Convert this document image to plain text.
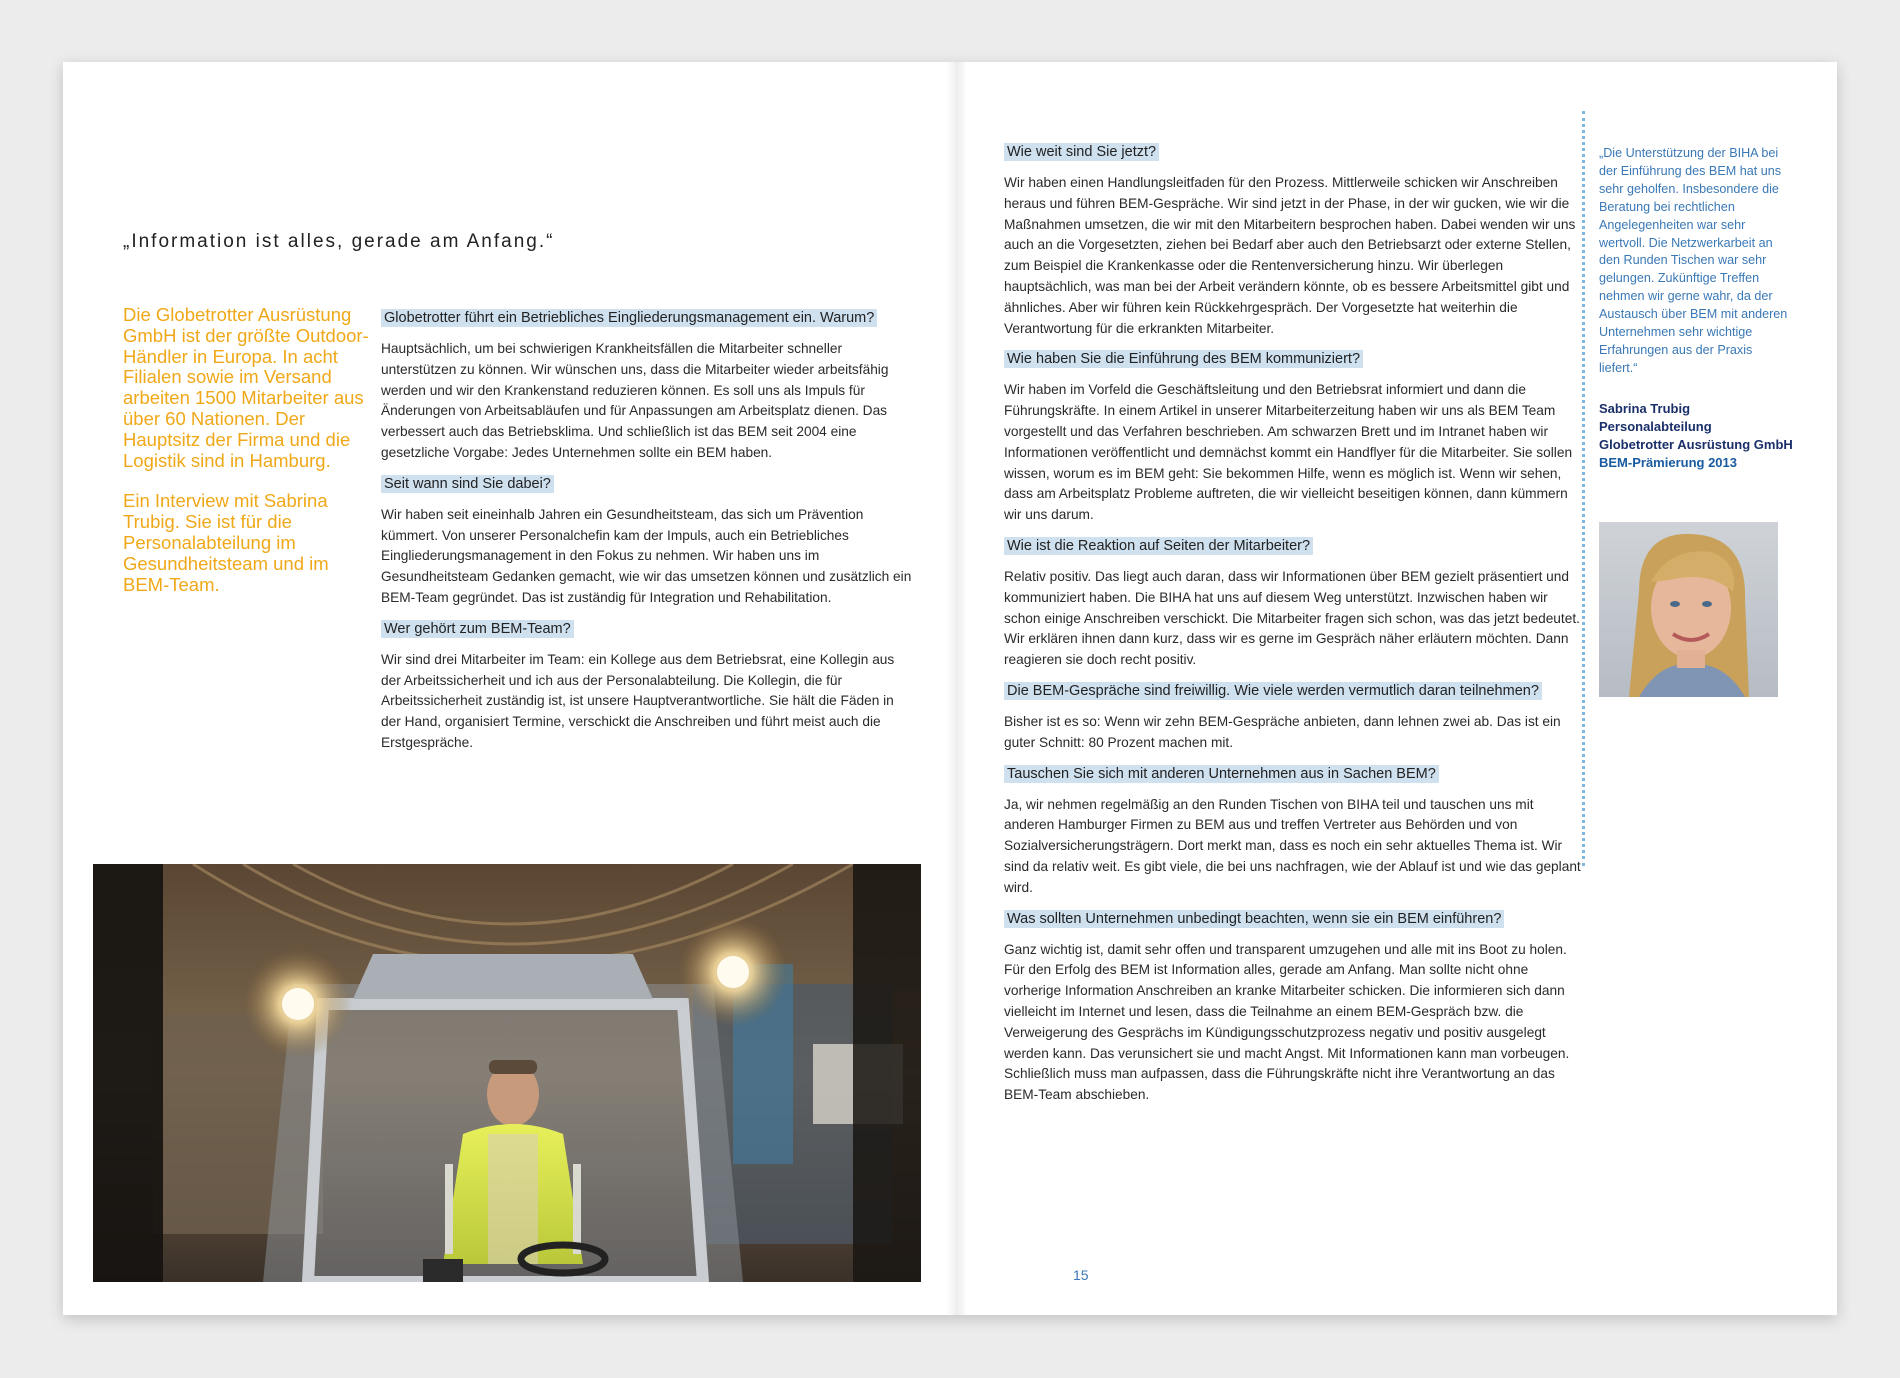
„Information ist alles, gerade am Anfang.“

Die Globetrotter Ausrüstung GmbH ist der größte Outdoor-Händler in Europa. In acht Filialen sowie im Versand arbeiten 1500 Mitarbeiter aus über 60 Nationen. Der Hauptsitz der Firma und die Logistik sind in Hamburg.

Ein Interview mit Sabrina Trubig. Sie ist für die Personalabteilung im Gesundheitsteam und im BEM-Team.

Globetrotter führt ein Betriebliches Eingliederungsmanagement ein. Warum?

Hauptsächlich, um bei schwierigen Krankheitsfällen die Mitarbeiter schneller unterstützen zu können. Wir wünschen uns, dass die Mitarbeiter wieder arbeitsfähig werden und wir den Krankenstand reduzieren können. Es soll uns als Impuls für Änderungen von Arbeitsabläufen und für Anpassungen am Arbeitsplatz dienen. Das verbessert auch das Betriebsklima. Und schließlich ist das BEM seit 2004 eine gesetzliche Vorgabe: Jedes Unternehmen sollte ein BEM haben.

Seit wann sind Sie dabei?

Wir haben seit eineinhalb Jahren ein Gesundheitsteam, das sich um Prävention kümmert. Von unserer Personalchefin kam der Impuls, auch ein Betriebliches Eingliederungsmanagement in den Fokus zu nehmen. Wir haben uns im Gesundheitsteam Gedanken gemacht, wie wir das umsetzen können und zusätzlich ein BEM-Team gegründet. Das ist zuständig für Integration und Rehabilitation.

Wer gehört zum BEM-Team?

Wir sind drei Mitarbeiter im Team: ein Kollege aus dem Betriebsrat, eine Kollegin aus der Arbeitssicherheit und ich aus der Personalabteilung. Die Kollegin, die für Arbeitssicherheit zuständig ist, ist unsere Hauptverantwortliche. Sie hält die Fäden in der Hand, organisiert Termine, verschickt die Anschreiben und führt meist auch die Erstgespräche.

Wie weit sind Sie jetzt?

Wir haben einen Handlungsleitfaden für den Prozess. Mittlerweile schicken wir Anschreiben heraus und führen BEM-Gespräche. Wir sind jetzt in der Phase, in der wir gucken, wie wir die Maßnahmen umsetzen, die wir mit den Mitarbeitern besprochen haben. Dabei wenden wir uns auch an die Vorgesetzten, ziehen bei Bedarf aber auch den Betriebsarzt oder externe Stellen, zum Beispiel die Krankenkasse oder die Rentenversicherung hinzu. Wir überlegen hauptsächlich, was man bei der Arbeit verändern könnte, ob es bessere Arbeitsmittel gibt und ähnliches. Aber wir führen kein Rückkehrgespräch. Der Vorgesetzte hat weiterhin die Verantwortung für die erkrankten Mitarbeiter.

Wie haben Sie die Einführung des BEM kommuniziert?

Wir haben im Vorfeld die Geschäftsleitung und den Betriebsrat informiert und dann die Führungskräfte. In einem Artikel in unserer Mitarbeiterzeitung haben wir uns als BEM Team vorgestellt und das Verfahren beschrieben. Am schwarzen Brett und im Intranet haben wir Informationen veröffentlicht und demnächst kommt ein Handflyer für die Mitarbeiter. Sie sollen wissen, worum es im BEM geht: Sie bekommen Hilfe, wenn es möglich ist. Wenn wir sehen, dass am Arbeitsplatz Probleme auftreten, die wir vielleicht beseitigen können, dann kümmern wir uns darum.

Wie ist die Reaktion auf Seiten der Mitarbeiter?

Relativ positiv. Das liegt auch daran, dass wir Informationen über BEM gezielt präsentiert und kommuniziert haben. Die BIHA hat uns auf diesem Weg unterstützt. Inzwischen haben wir schon einige Anschreiben verschickt. Die Mitarbeiter fragen sich schon, was das jetzt bedeutet. Wir erklären ihnen dann kurz, dass wir es gerne im Gespräch näher erläutern möchten. Dann reagieren sie doch recht positiv.

Die BEM-Gespräche sind freiwillig. Wie viele werden vermutlich daran teilnehmen?

Bisher ist es so: Wenn wir zehn BEM-Gespräche anbieten, dann lehnen zwei ab. Das ist ein guter Schnitt: 80 Prozent machen mit.

Tauschen Sie sich mit anderen Unternehmen aus in Sachen BEM?

Ja, wir nehmen regelmäßig an den Runden Tischen von BIHA teil und tauschen uns mit anderen Hamburger Firmen zu BEM aus und treffen Vertreter aus Behörden und von Sozialversicherungsträgern. Dort merkt man, dass es noch ein sehr aktuelles Thema ist. Wir sind da relativ weit. Es gibt viele, die bei uns nachfragen, wie der Ablauf ist und wie das geplant wird.

Was sollten Unternehmen unbedingt beachten, wenn sie ein BEM einführen?

Ganz wichtig ist, damit sehr offen und transparent umzugehen und alle mit ins Boot zu holen. Für den Erfolg des BEM ist Information alles, gerade am Anfang. Man sollte nicht ohne vorherige Information Anschreiben an kranke Mitarbeiter schicken. Die informieren sich dann vielleicht im Internet und lesen, dass die Teilnahme an einem BEM-Gespräch bzw. die Verweigerung des Gesprächs im Kündigungsschutzprozess negativ und positiv ausgelegt werden kann. Das verunsichert sie und macht Angst. Mit Informationen kann man vorbeugen. Schließlich muss man aufpassen, dass die Führungskräfte nicht ihre Verantwortung an das BEM-Team abschieben.

15
„Die Unterstützung der BIHA bei der Einführung des BEM hat uns sehr geholfen. Insbesondere die Beratung bei rechtlichen Angelegenheiten war sehr wertvoll. Die Netzwerkarbeit an den Runden Tischen war sehr gelungen. Zukünftige Treffen nehmen wir gerne wahr, da der Austausch über BEM mit anderen Unternehmen sehr wichtige Erfahrungen aus der Praxis liefert.“
Sabrina Trubig
Personalabteilung
Globetrotter Ausrüstung GmbH
BEM-Prämierung 2013
